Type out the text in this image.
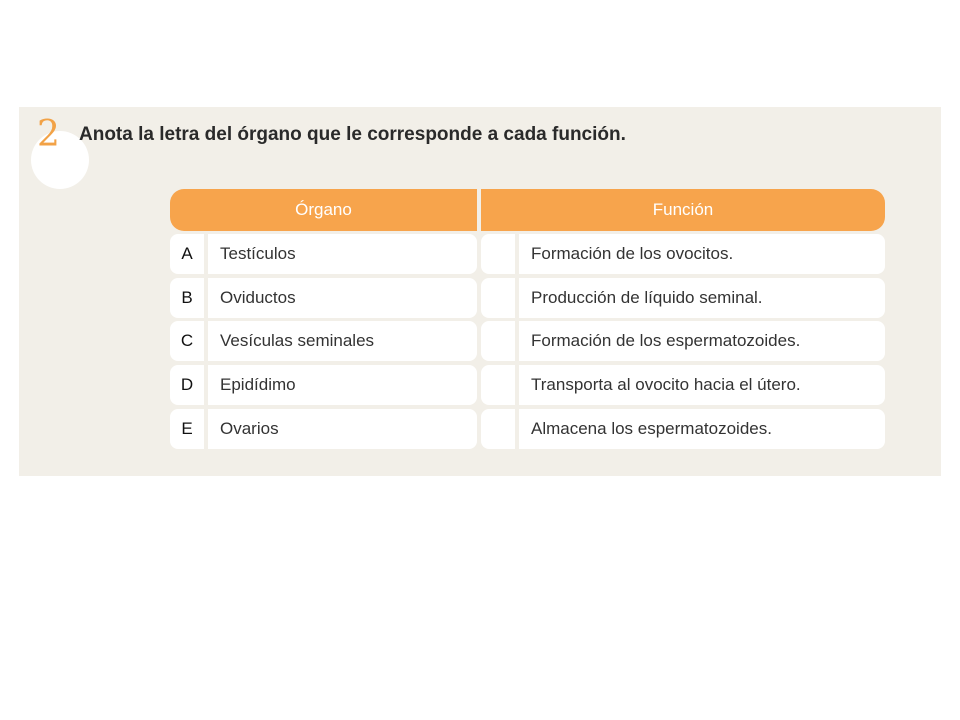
2 Anota la letra del órgano que le corresponde a cada función.
Órgano	Función
A	Testículos	Formación de los ovocitos.
B	Oviductos	Producción de líquido seminal.
C	Vesículas seminales	Formación de los espermatozoides.
D	Epidídimo	Transporta al ovocito hacia el útero.
E	Ovarios	Almacena los espermatozoides.
